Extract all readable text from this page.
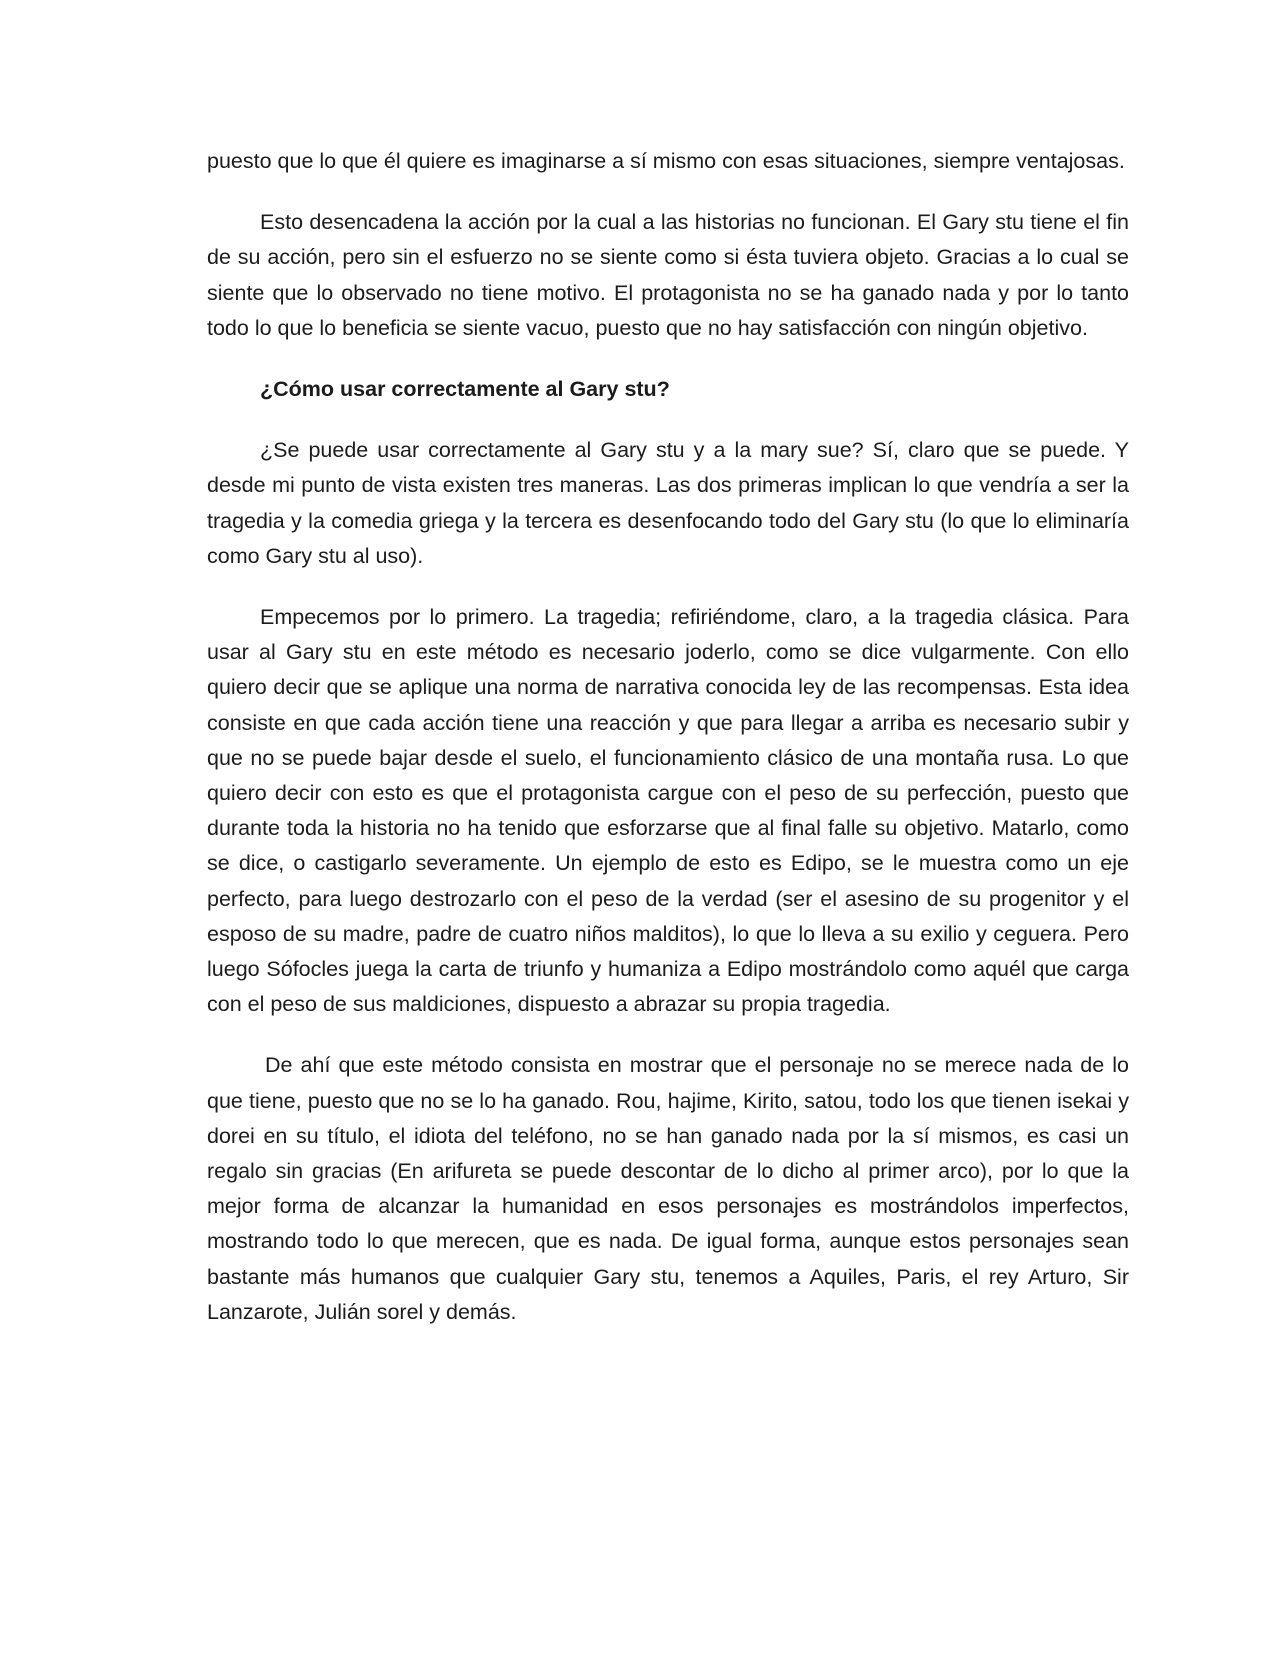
puesto que lo que él quiere es imaginarse a sí mismo con esas situaciones, siempre ventajosas.

Esto desencadena la acción por la cual a las historias no funcionan. El Gary stu tiene el fin de su acción, pero sin el esfuerzo no se siente como si ésta tuviera objeto. Gracias a lo cual se siente que lo observado no tiene motivo. El protagonista no se ha ganado nada y por lo tanto todo lo que lo beneficia se siente vacuo, puesto que no hay satisfacción con ningún objetivo.

¿Cómo usar correctamente al Gary stu?

¿Se puede usar correctamente al Gary stu y a la mary sue? Sí, claro que se puede. Y desde mi punto de vista existen tres maneras. Las dos primeras implican lo que vendría a ser la tragedia y la comedia griega y la tercera es desenfocando todo del Gary stu (lo que lo eliminaría como Gary stu al uso).

Empecemos por lo primero. La tragedia; refiriéndome, claro, a la tragedia clásica. Para usar al Gary stu en este método es necesario joderlo, como se dice vulgarmente. Con ello quiero decir que se aplique una norma de narrativa conocida ley de las recompensas. Esta idea consiste en que cada acción tiene una reacción y que para llegar a arriba es necesario subir y que no se puede bajar desde el suelo, el funcionamiento clásico de una montaña rusa. Lo que quiero decir con esto es que el protagonista cargue con el peso de su perfección, puesto que durante toda la historia no ha tenido que esforzarse que al final falle su objetivo. Matarlo, como se dice, o castigarlo severamente. Un ejemplo de esto es Edipo, se le muestra como un eje perfecto, para luego destrozarlo con el peso de la verdad (ser el asesino de su progenitor y el esposo de su madre, padre de cuatro niños malditos), lo que lo lleva a su exilio y ceguera. Pero luego Sófocles juega la carta de triunfo y humaniza a Edipo mostrándolo como aquél que carga con el peso de sus maldiciones, dispuesto a abrazar su propia tragedia.

De ahí que este método consista en mostrar que el personaje no se merece nada de lo que tiene, puesto que no se lo ha ganado. Rou, hajime, Kirito, satou, todo los que tienen isekai y dorei en su título, el idiota del teléfono, no se han ganado nada por la sí mismos, es casi un regalo sin gracias (En arifureta se puede descontar de lo dicho al primer arco), por lo que la mejor forma de alcanzar la humanidad en esos personajes es mostrándolos imperfectos, mostrando todo lo que merecen, que es nada. De igual forma, aunque estos personajes sean bastante más humanos que cualquier Gary stu, tenemos a Aquiles, Paris, el rey Arturo, Sir Lanzarote, Julián sorel y demás.
